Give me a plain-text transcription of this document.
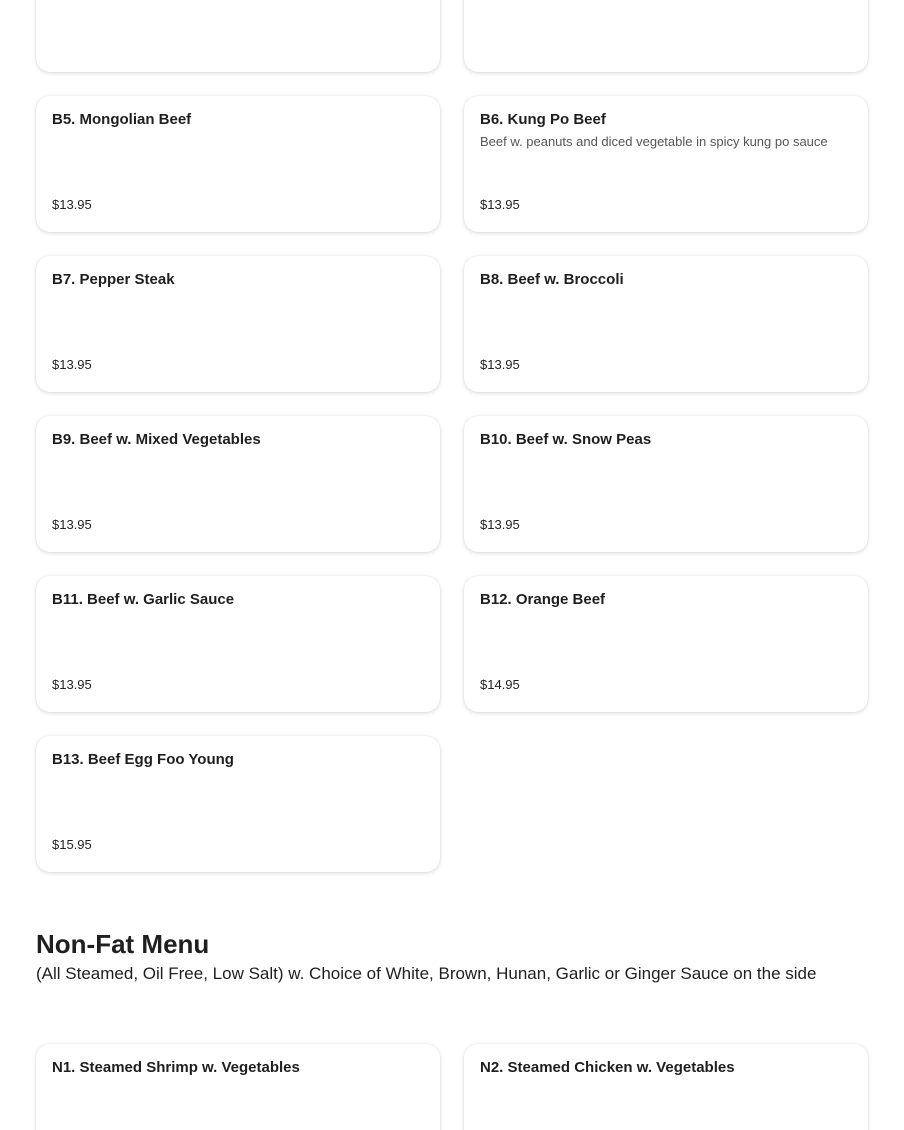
B5. Mongolian Beef
$13.95
B6. Kung Po Beef
Beef w. peanuts and diced vegetable in spicy kung po sauce
$13.95
B7. Pepper Steak
$13.95
B8. Beef w. Broccoli
$13.95
B9. Beef w. Mixed Vegetables
$13.95
B10. Beef w. Snow Peas
$13.95
B11. Beef w. Garlic Sauce
$13.95
B12. Orange Beef
$14.95
B13. Beef Egg Foo Young
$15.95
Non-Fat Menu

(All Steamed, Oil Free, Low Salt) w. Choice of White, Brown, Hunan, Garlic or Ginger Sauce on the side

N1. Steamed Shrimp w. Vegetables	N2. Steamed Chicken w. Vegetables
